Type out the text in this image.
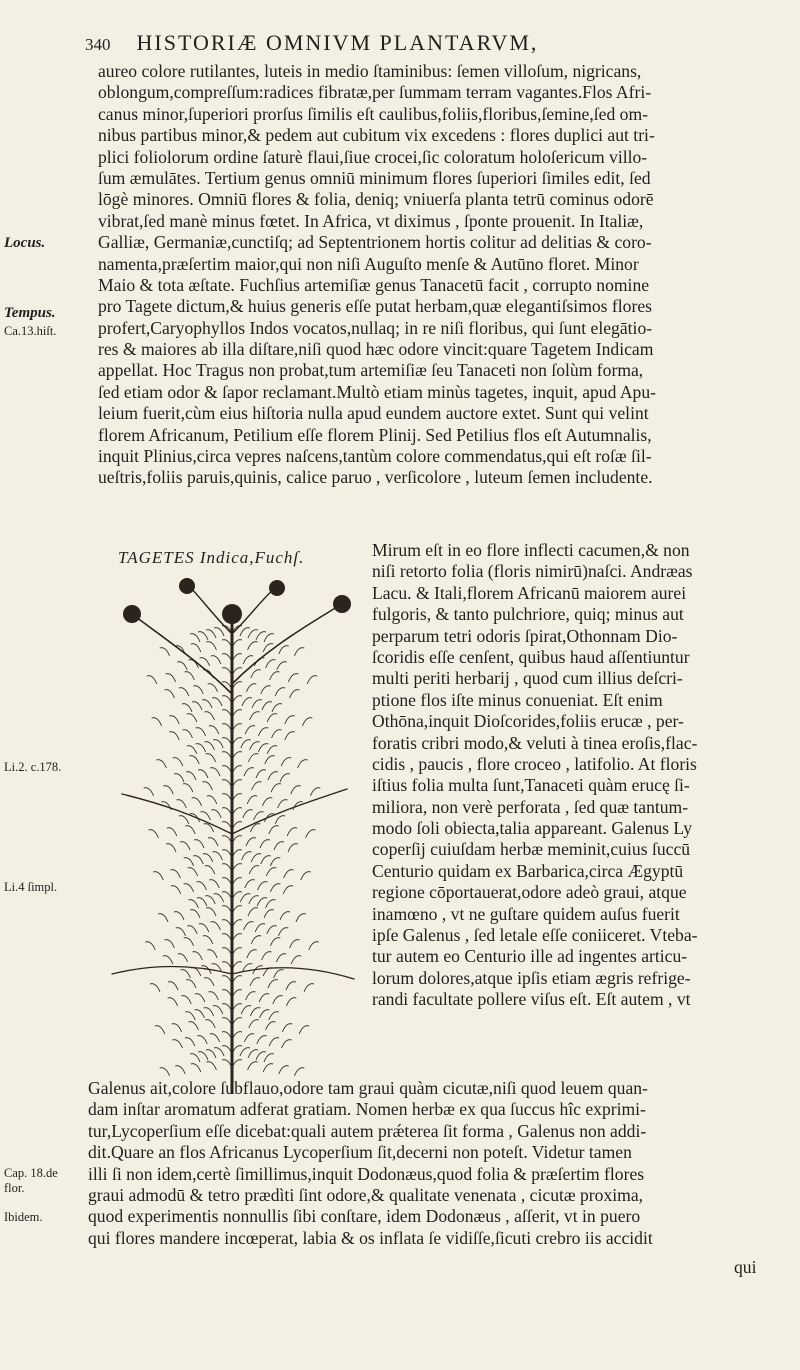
340 HISTORIÆ OMNIVM PLANTARVM,
aureo colore rutilantes, luteis in medio ſtaminibus: ſemen villoſum, nigricans,
oblongum,compreſſum:radices fibratæ,per ſummam terram vagantes.Flos Afri-
canus minor,ſuperiori prorſus ſimilis eſt caulibus,foliis,floribus,ſemine,ſed om-
nibus partibus minor,& pedem aut cubitum vix excedens : flores duplici aut tri-
plici foliolorum ordine ſaturè flaui,ſiue crocei,ſic coloratum holoſericum villo-
ſum æmulātes. Tertium genus omniū minimum flores ſuperiori ſimiles edit, ſed
lōgè minores. Omniū flores & folia, deniq; vniuerſa planta tetrū cominus odorē
vibrat,ſed manè minus fœtet. In Africa, vt diximus , ſponte prouenit. In Italiæ,
Galliæ, Germaniæ,cunctiſq; ad Septentrionem hortis colitur ad delitias & coro-
namenta,præſertim maior,qui non niſi Auguſto menſe & Autūno floret. Minor
Maio & tota æſtate. Fuchſius artemiſiæ genus Tanacetū facit , corrupto nomine
pro Tagete dictum,& huius generis eſſe putat herbam,quæ elegantiſsimos flores
profert,Caryophyllos Indos vocatos,nullaq; in re niſi floribus, qui ſunt elegātio-
res & maiores ab illa diſtare,niſi quod hæc odore vincit:quare Tagetem Indicam
appellat. Hoc Tragus non probat,tum artemiſiæ ſeu Tanaceti non ſolùm forma,
ſed etiam odor & ſapor reclamant.Multò etiam minùs tagetes, inquit, apud Apu-
leium fuerit,cùm eius hiſtoria nulla apud eundem auctore extet. Sunt qui velint
florem Africanum, Petilium eſſe florem Plinij. Sed Petilius flos eſt Autumnalis,
inquit Plinius,circa vepres naſcens,tantùm colore commendatus,qui eſt roſæ ſil-
ueſtris,foliis paruis,quinis, calice paruo , verſicolore , luteum ſemen includente.
Locus.
Tempus.
Ca.13.hiſt.
TAGETES Indica,Fuchſ.	Mirum eſt in eo flore inflecti cacumen,& non
niſi retorto folia (floris nimirū)naſci. Andræas
Lacu. & Itali,florem Africanū maiorem aurei
fulgoris, & tanto pulchriore, quiq; minus aut
perparum tetri odoris ſpirat,Othonnam Dio-
ſcoridis eſſe cenſent, quibus haud aſſentiuntur
multi periti herbarij , quod cum illius deſcri-
ptione flos iſte minus conueniat. Eſt enim
Othōna,inquit Dioſcorides,foliis erucæ , per-
foratis cribri modo,& veluti à tinea eroſis,flac-
cidis , paucis , flore croceo , latifolio. At floris
iſtius folia multa ſunt,Tanaceti quàm erucę ſi-
miliora, non verè perforata , ſed quæ tantum-
modo ſoli obiecta,talia appareant. Galenus Ly
coperſij cuiuſdam herbæ meminit,cuius ſuccū
Centurio quidam ex Barbarica,circa Ægyptū
regione cōportauerat,odore adeò graui, atque
inamœno , vt ne guſtare quidem auſus fuerit
ipſe Galenus , ſed letale eſſe coniiceret. Vteba-
tur autem eo Centurio ille ad ingentes articu-
lorum dolores,atque ipſis etiam ægris refrige-
randi facultate pollere viſus eſt. Eſt autem , vt
Li.2. c.178.
Li.4 ſimpl.
Galenus ait,colore ſubflauo,odore tam graui quàm cicutæ,niſi quod leuem quan-
dam inſtar aromatum adferat gratiam. Nomen herbæ ex qua ſuccus hîc exprimi-
tur,Lycoperſium eſſe dicebat:quali autem prǽterea ſit forma , Galenus non addi-
dit.Quare an flos Africanus Lycoperſium ſit,decerni non poteſt. Videtur tamen
illi ſi non idem,certè ſimillimus,inquit Dodonæus,quod folia & præſertim flores
graui admodū & tetro prædìti ſint odore,& qualitate venenata , cicutæ proxima,
quod experimentis nonnullis ſibi conſtare, idem Dodonæus , aſſerit, vt in puero
qui flores mandere incœperat, labia & os inflata ſe vidiſſe,ſicuti crebro iis accidit
Cap. 18.de
flor.
Ibidem.
qui
